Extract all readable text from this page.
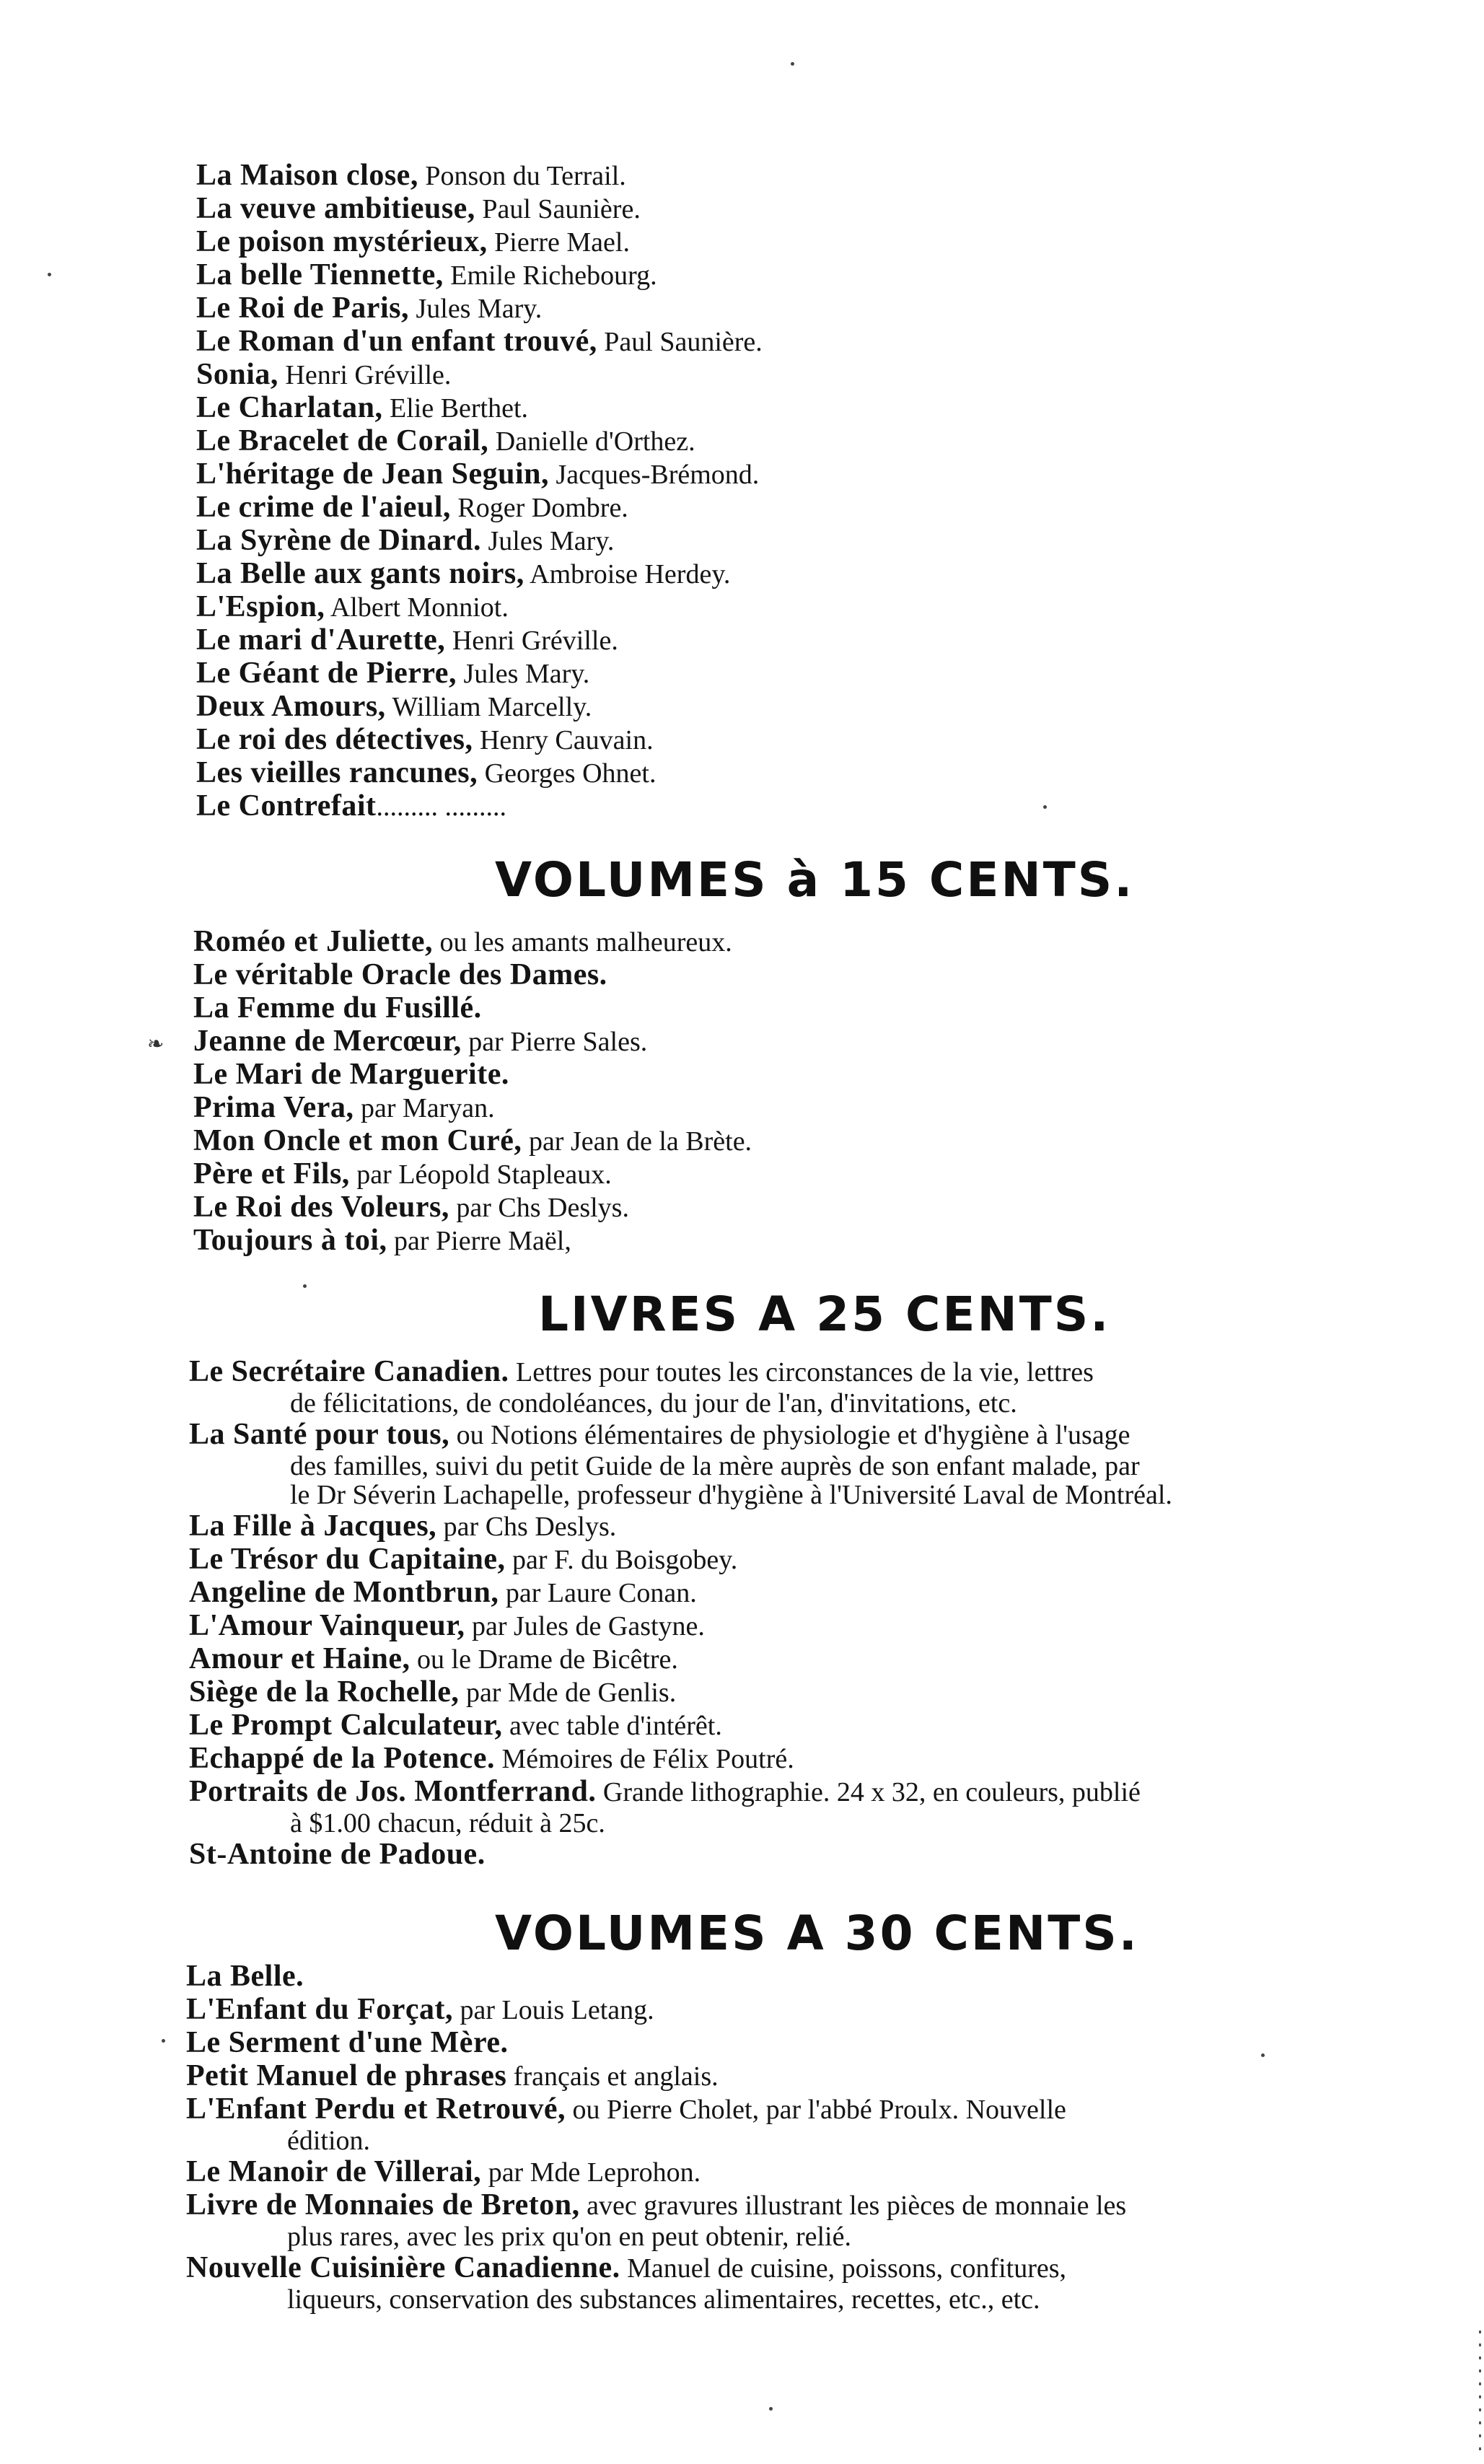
La Maison close, Ponson du Terrail.
La veuve ambitieuse, Paul Saunière.
Le poison mystérieux, Pierre Mael.
La belle Tiennette, Emile Richebourg.
Le Roi de Paris, Jules Mary.
Le Roman d'un enfant trouvé, Paul Saunière.
Sonia, Henri Gréville.
Le Charlatan, Elie Berthet.
Le Bracelet de Corail, Danielle d'Orthez.
L'héritage de Jean Seguin, Jacques-Brémond.
Le crime de l'aieul, Roger Dombre.
La Syrène de Dinard. Jules Mary.
La Belle aux gants noirs, Ambroise Herdey.
L'Espion, Albert Monniot.
Le mari d'Aurette, Henri Gréville.
Le Géant de Pierre, Jules Mary.
Deux Amours, William Marcelly.
Le roi des détectives, Henry Cauvain.
Les vieilles rancunes, Georges Ohnet.
Le Contrefait......... .........
VOLUMES à 15 CENTS.
❧
Roméo et Juliette, ou les amants malheureux.
Le véritable Oracle des Dames.
La Femme du Fusillé.
Jeanne de Mercœur, par Pierre Sales.
Le Mari de Marguerite.
Prima Vera, par Maryan.
Mon Oncle et mon Curé, par Jean de la Brète.
Père et Fils, par Léopold Stapleaux.
Le Roi des Voleurs, par Chs Deslys.
Toujours à toi, par Pierre Maël,
LIVRES A 25 CENTS.
Le Secrétaire Canadien. Lettres pour toutes les circonstances de la vie, lettres
de félicitations, de condoléances, du jour de l'an, d'invitations, etc.
La Santé pour tous, ou Notions élémentaires de physiologie et d'hygiène à l'usage
des familles, suivi du petit Guide de la mère auprès de son enfant malade, par
le Dr Séverin Lachapelle, professeur d'hygiène à l'Université Laval de Montréal.
La Fille à Jacques, par Chs Deslys.
Le Trésor du Capitaine, par F. du Boisgobey.
Angeline de Montbrun, par Laure Conan.
L'Amour Vainqueur, par Jules de Gastyne.
Amour et Haine, ou le Drame de Bicêtre.
Siège de la Rochelle, par Mde de Genlis.
Le Prompt Calculateur, avec table d'intérêt.
Echappé de la Potence. Mémoires de Félix Poutré.
Portraits de Jos. Montferrand. Grande lithographie. 24 x 32, en couleurs, publié
à $1.00 chacun, réduit à 25c.
St-Antoine de Padoue.
VOLUMES A 30 CENTS.
La Belle.
L'Enfant du Forçat, par Louis Letang.
Le Serment d'une Mère.
Petit Manuel de phrases français et anglais.
L'Enfant Perdu et Retrouvé, ou Pierre Cholet, par l'abbé Proulx. Nouvelle
édition.
Le Manoir de Villerai, par Mde Leprohon.
Livre de Monnaies de Breton, avec gravures illustrant les pièces de monnaie les
plus rares, avec les prix qu'on en peut obtenir, relié.
Nouvelle Cuisinière Canadienne. Manuel de cuisine, poissons, confitures,
liqueurs, conservation des substances alimentaires, recettes, etc., etc.
